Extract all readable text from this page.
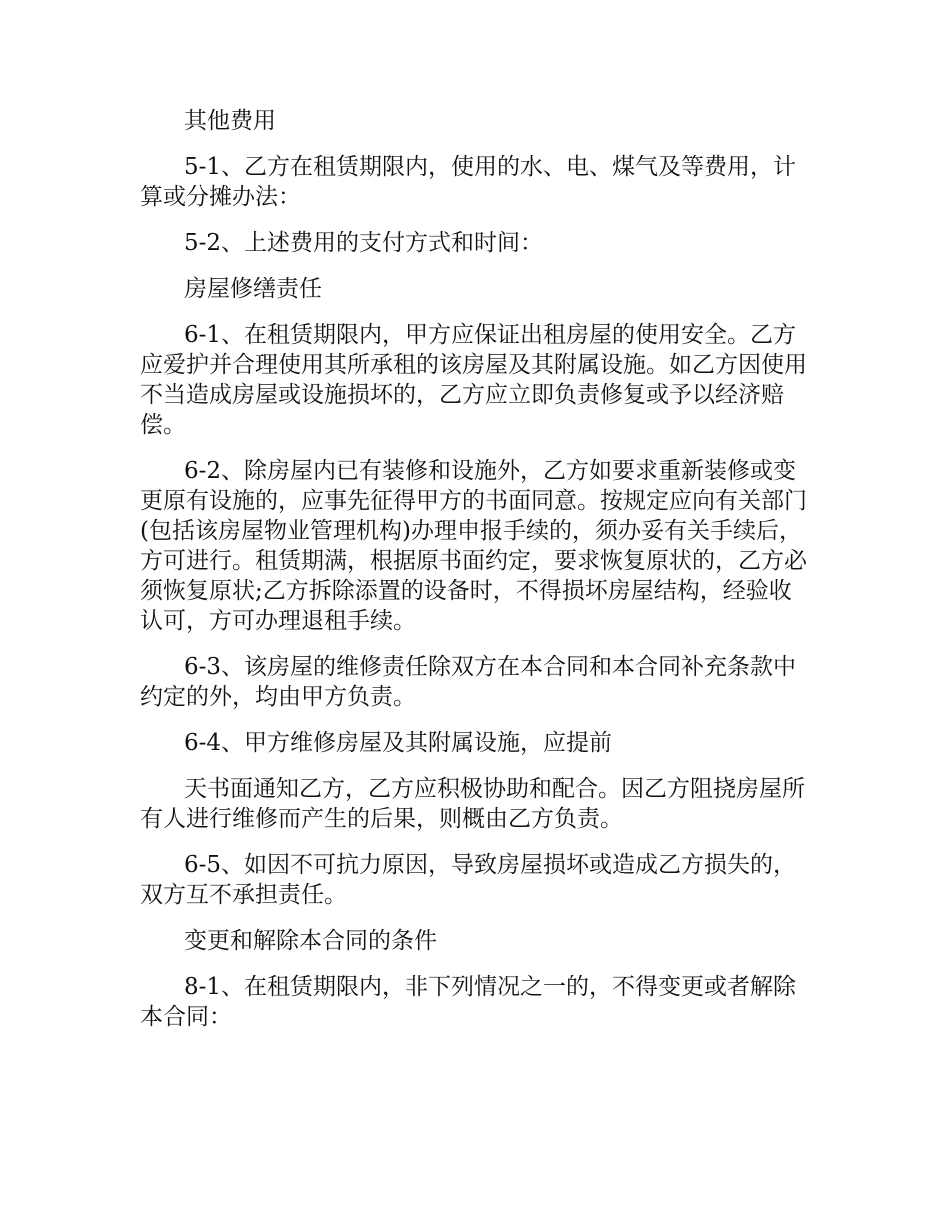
其他费用

5-1、乙方在租赁期限内，使用的水、电、煤气及等费用，计算或分摊办法：

5-2、上述费用的支付方式和时间：

房屋修缮责任

6-1、在租赁期限内，甲方应保证出租房屋的使用安全。乙方应爱护并合理使用其所承租的该房屋及其附属设施。如乙方因使用不当造成房屋或设施损坏的，乙方应立即负责修复或予以经济赔偿。

6-2、除房屋内已有装修和设施外，乙方如要求重新装修或变更原有设施的，应事先征得甲方的书面同意。按规定应向有关部门(包括该房屋物业管理机构)办理申报手续的，须办妥有关手续后，方可进行。租赁期满，根据原书面约定，要求恢复原状的，乙方必须恢复原状;乙方拆除添置的设备时，不得损坏房屋结构，经验收认可，方可办理退租手续。

6-3、该房屋的维修责任除双方在本合同和本合同补充条款中约定的外，均由甲方负责。

6-4、甲方维修房屋及其附属设施，应提前

天书面通知乙方，乙方应积极协助和配合。因乙方阻挠房屋所有人进行维修而产生的后果，则概由乙方负责。

6-5、如因不可抗力原因，导致房屋损坏或造成乙方损失的，双方互不承担责任。

变更和解除本合同的条件

8-1、在租赁期限内，非下列情况之一的，不得变更或者解除本合同：
